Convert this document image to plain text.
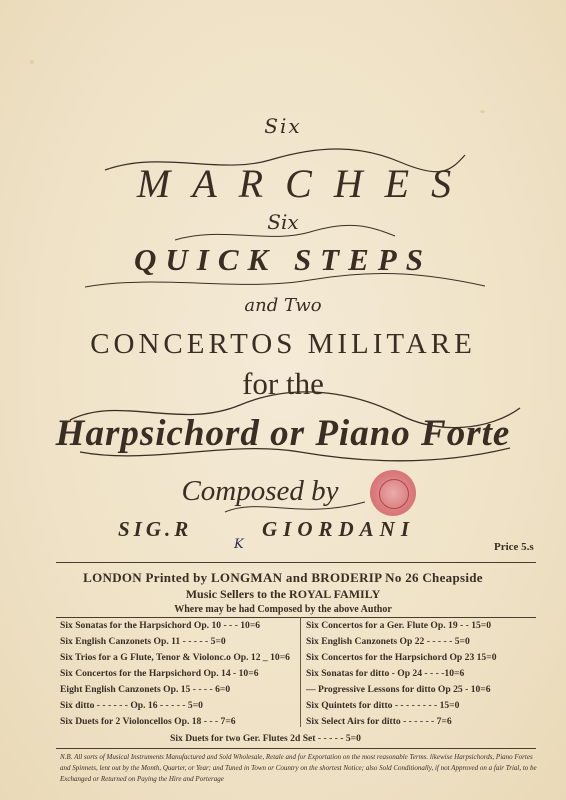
Six
MARCHES
Six
QUICK STEPS
and Two
CONCERTOS MILITARE
for the
Harpsichord or Piano Forte
Composed by
SIG.R	GIORDANI
K	Price 5.s
LONDON Printed by LONGMAN and BRODERIP No 26 Cheapside
Music Sellers to the ROYAL FAMILY
Where may be had Composed by the above Author
Six Sonatas for the Harpsichord Op. 10 - - - 10=6
Six English Canzonets Op. 11 - - - - - 5=0
Six Trios for a G Flute, Tenor & Violonc.o Op. 12 _ 10=6
Six Concertos for the Harpsichord Op. 14 - 10=6
Eight English Canzonets Op. 15 - - - - 6=0
Six ditto - - - - - - Op. 16 - - - - - 5=0
Six Duets for 2 Violoncellos Op. 18 - - - 7=6
Six Concertos for a Ger. Flute Op. 19 - - 15=0
Six English Canzonets Op 22 - - - - - 5=0
Six Concertos for the Harpsichord Op 23 15=0
Six Sonatas for ditto - Op 24 - - - -10=6
— Progressive Lessons for ditto Op 25 - 10=6
Six Quintets for ditto - - - - - - - - 15=0
Six Select Airs for ditto - - - - - - 7=6
Six Duets for two Ger. Flutes 2d Set - - - - - 5=0
N.B. All sorts of Musical Instruments Manufactured and Sold Wholesale, Retale and for Exportation on the most reasonable Terms. likewise Harpsichords, Piano Fortes and Spinnets, lent out by the Month, Quarter, or Year; and Tuned in Town or Country on the shortest Notice; also Sold Conditionally, if not Approved on a fair Trial, to be Exchanged or Returned on Paying the Hire and Porterage
